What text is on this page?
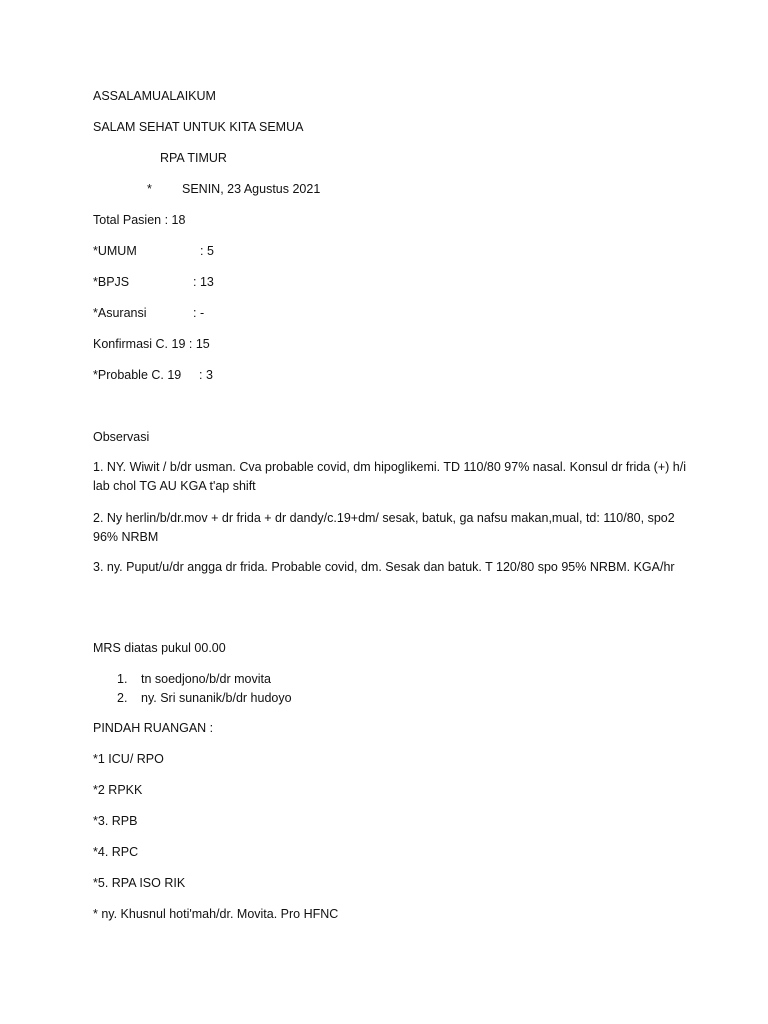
ASSALAMUALAIKUM
SALAM SEHAT UNTUK KITA SEMUA
RPA TIMUR
* SENIN, 23 Agustus 2021
Total Pasien : 18
*UMUM	: 5
*BPJS	: 13
*Asuransi	: -
Konfirmasi C. 19 : 15
*Probable C. 19 : 3
Observasi
1. NY. Wiwit / b/dr usman. Cva probable covid, dm hipoglikemi. TD 110/80 97% nasal. Konsul dr frida (+) h/i lab chol TG AU KGA t'ap shift
2. Ny herlin/b/dr.mov + dr frida + dr dandy/c.19+dm/ sesak, batuk, ga nafsu makan,mual, td: 110/80, spo2 96% NRBM
3. ny. Puput/u/dr angga dr frida. Probable covid, dm. Sesak dan batuk. T 120/80 spo 95% NRBM. KGA/hr
MRS diatas pukul 00.00
1. tn soedjono/b/dr movita
2. ny. Sri sunanik/b/dr hudoyo
PINDAH RUANGAN :
*1 ICU/ RPO
*2 RPKK
*3. RPB
*4. RPC
*5. RPA ISO RIK
* ny. Khusnul hoti'mah/dr. Movita. Pro HFNC
